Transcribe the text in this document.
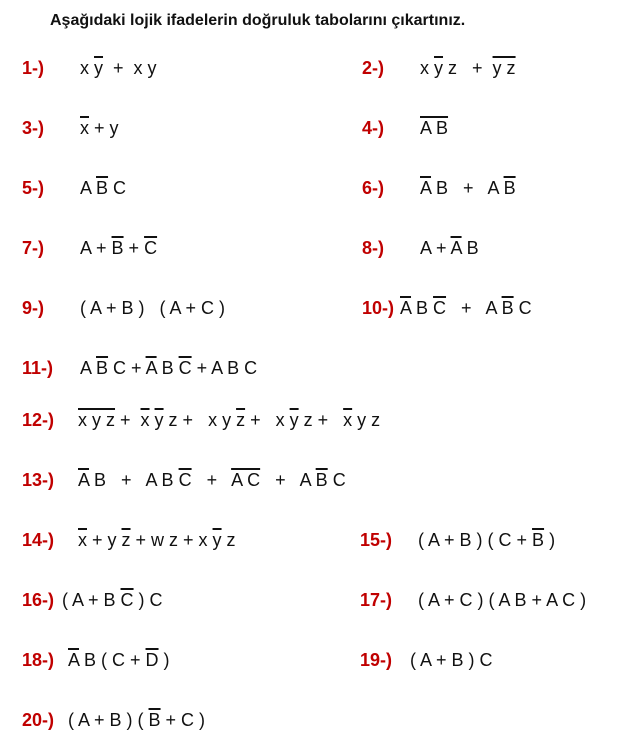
Aşağıdaki lojik ifadelerin doğruluk tabolarını çıkartınız.
1-) x $\overline{y} + x$ y	2-) x $\overline{y}$ z   +  y z
3-) $\overline{x} + y$	4-) A B
5-) A $\overline{B}$ C	6-) $\overline{A}$ B   +   A $\overline{B}$
7-) $A + \overline{B} + \overline{C}$	8-) $A + \overline{A}$ B
9-) ( A + B )   ( A + C )	10-) $\overline{A}$ B $\overline{C} + A$ $\overline{B}$ C
11-) A $\overline{B}$ $C + \overline{A}$ B $\overline{C} + A$ B C
12-) x y $z + \overline{x}$ $\overline{y}$ z +   x y $\overline{z} + x$ $\overline{y}$ $z + \overline{x}$ y z
13-) $\overline{A}$ B   +   A B $\overline{C} + A$ C   +   A $\overline{B}$ C
14-) $\overline{x} + y$ $\overline{z} + w$ z + x $\overline{y}$ z	15-) ( A + B ) ( $C + \overline{B}$ )
16-) ( A + B $\overline{C}$ ) C	17-) ( A + C ) ( A B + A C )
18-) $\overline{A}$ B ( $C + \overline{D}$ )	19-) ( A + B ) C
20-) ( A + B ) ( $\overline{B} + C$ )
